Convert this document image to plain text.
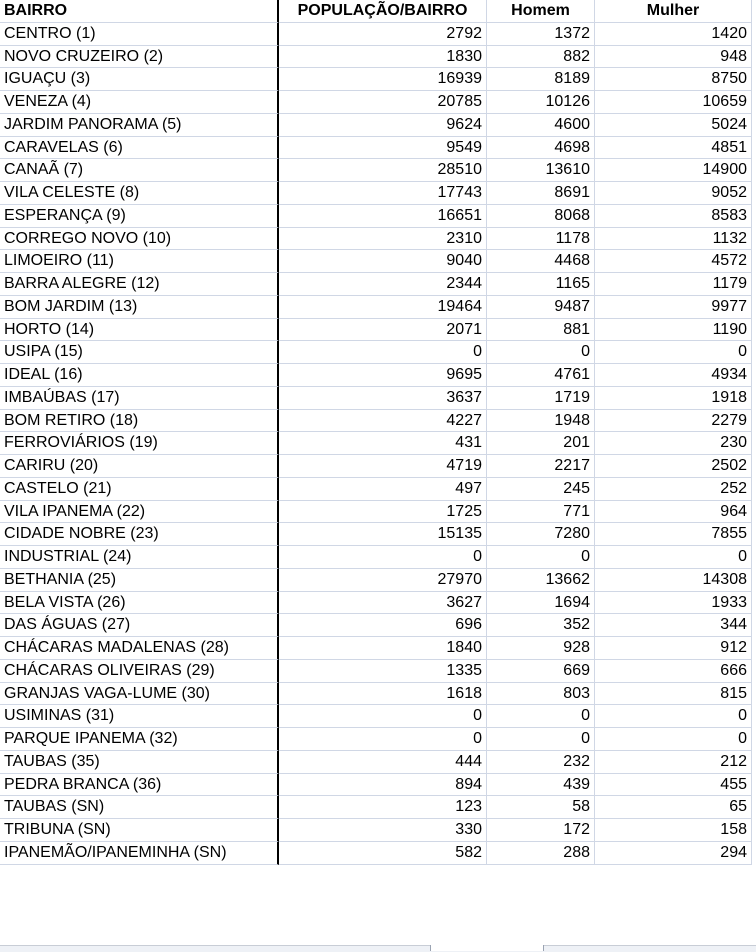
BAIRRO	POPULAÇÃO/BAIRRO	Homem	Mulher
CENTRO (1)	2792	1372	1420
NOVO CRUZEIRO (2)	1830	882	948
IGUAÇU (3)	16939	8189	8750
VENEZA (4)	20785	10126	10659
JARDIM PANORAMA (5)	9624	4600	5024
CARAVELAS (6)	9549	4698	4851
CANAÃ (7)	28510	13610	14900
VILA CELESTE (8)	17743	8691	9052
ESPERANÇA (9)	16651	8068	8583
CORREGO NOVO (10)	2310	1178	1132
LIMOEIRO (11)	9040	4468	4572
BARRA ALEGRE (12)	2344	1165	1179
BOM JARDIM (13)	19464	9487	9977
HORTO (14)	2071	881	1190
USIPA (15)	0	0	0
IDEAL (16)	9695	4761	4934
IMBAÚBAS (17)	3637	1719	1918
BOM RETIRO (18)	4227	1948	2279
FERROVIÁRIOS (19)	431	201	230
CARIRU (20)	4719	2217	2502
CASTELO (21)	497	245	252
VILA IPANEMA (22)	1725	771	964
CIDADE NOBRE (23)	15135	7280	7855
INDUSTRIAL (24)	0	0	0
BETHANIA (25)	27970	13662	14308
BELA VISTA (26)	3627	1694	1933
DAS ÁGUAS (27)	696	352	344
CHÁCARAS MADALENAS (28)	1840	928	912
CHÁCARAS OLIVEIRAS (29)	1335	669	666
GRANJAS VAGA-LUME (30)	1618	803	815
USIMINAS (31)	0	0	0
PARQUE IPANEMA (32)	0	0	0
TAUBAS (35)	444	232	212
PEDRA BRANCA (36)	894	439	455
TAUBAS (SN)	123	58	65
TRIBUNA (SN)	330	172	158
IPANEMÃO/IPANEMINHA (SN)	582	288	294
